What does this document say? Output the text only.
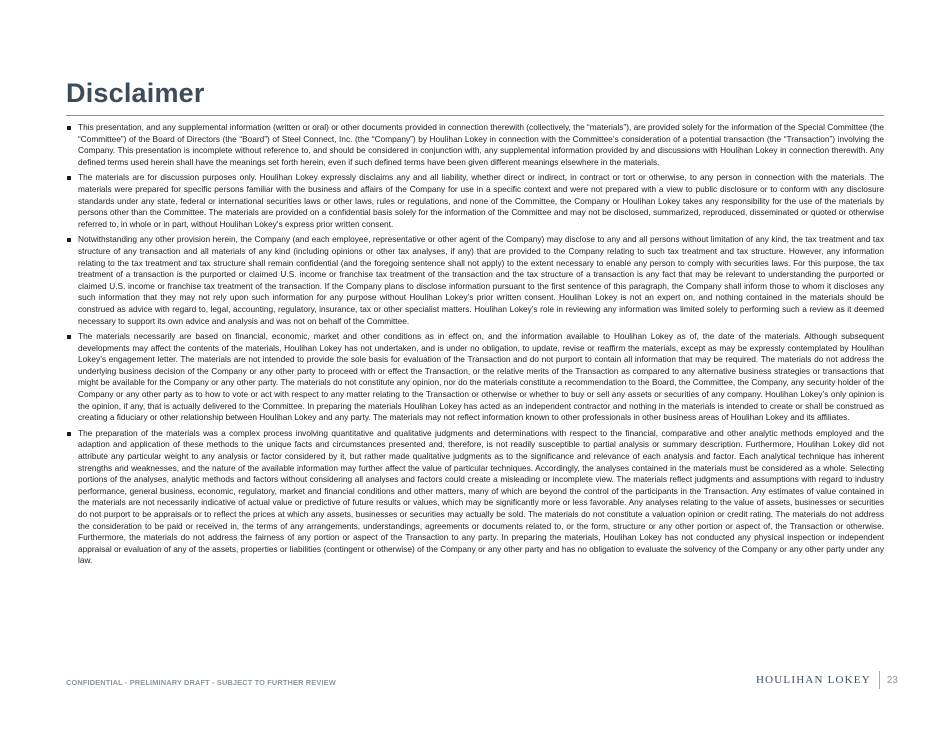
Disclaimer
This presentation, and any supplemental information (written or oral) or other documents provided in connection therewith (collectively, the “materials”), are provided solely for the information of the Special Committee (the “Committee”) of the Board of Directors (the “Board”) of Steel Connect, Inc. (the “Company”) by Houlihan Lokey in connection with the Committee’s consideration of a potential transaction (the “Transaction”) involving the Company. This presentation is incomplete without reference to, and should be considered in conjunction with, any supplemental information provided by and discussions with Houlihan Lokey in connection therewith. Any defined terms used herein shall have the meanings set forth herein, even if such defined terms have been given different meanings elsewhere in the materials.
The materials are for discussion purposes only. Houlihan Lokey expressly disclaims any and all liability, whether direct or indirect, in contract or tort or otherwise, to any person in connection with the materials. The materials were prepared for specific persons familiar with the business and affairs of the Company for use in a specific context and were not prepared with a view to public disclosure or to conform with any disclosure standards under any state, federal or international securities laws or other laws, rules or regulations, and none of the Committee, the Company or Houlihan Lokey takes any responsibility for the use of the materials by persons other than the Committee. The materials are provided on a confidential basis solely for the information of the Committee and may not be disclosed, summarized, reproduced, disseminated or quoted or otherwise referred to, in whole or in part, without Houlihan Lokey’s express prior written consent.
Notwithstanding any other provision herein, the Company (and each employee, representative or other agent of the Company) may disclose to any and all persons without limitation of any kind, the tax treatment and tax structure of any transaction and all materials of any kind (including opinions or other tax analyses, if any) that are provided to the Company relating to such tax treatment and tax structure. However, any information relating to the tax treatment and tax structure shall remain confidential (and the foregoing sentence shall not apply) to the extent necessary to enable any person to comply with securities laws. For this purpose, the tax treatment of a transaction is the purported or claimed U.S. income or franchise tax treatment of the transaction and the tax structure of a transaction is any fact that may be relevant to understanding the purported or claimed U.S. income or franchise tax treatment of the transaction. If the Company plans to disclose information pursuant to the first sentence of this paragraph, the Company shall inform those to whom it discloses any such information that they may not rely upon such information for any purpose without Houlihan Lokey’s prior written consent. Houlihan Lokey is not an expert on, and nothing contained in the materials should be construed as advice with regard to, legal, accounting, regulatory, insurance, tax or other specialist matters. Houlihan Lokey’s role in reviewing any information was limited solely to performing such a review as it deemed necessary to support its own advice and analysis and was not on behalf of the Committee.
The materials necessarily are based on financial, economic, market and other conditions as in effect on, and the information available to Houlihan Lokey as of, the date of the materials. Although subsequent developments may affect the contents of the materials, Houlihan Lokey has not undertaken, and is under no obligation, to update, revise or reaffirm the materials, except as may be expressly contemplated by Houlihan Lokey’s engagement letter. The materials are not intended to provide the sole basis for evaluation of the Transaction and do not purport to contain all information that may be required. The materials do not address the underlying business decision of the Company or any other party to proceed with or effect the Transaction, or the relative merits of the Transaction as compared to any alternative business strategies or transactions that might be available for the Company or any other party. The materials do not constitute any opinion, nor do the materials constitute a recommendation to the Board, the Committee, the Company, any security holder of the Company or any other party as to how to vote or act with respect to any matter relating to the Transaction or otherwise or whether to buy or sell any assets or securities of any company. Houlihan Lokey’s only opinion is the opinion, if any, that is actually delivered to the Committee. In preparing the materials Houlihan Lokey has acted as an independent contractor and nothing in the materials is intended to create or shall be construed as creating a fiduciary or other relationship between Houlihan Lokey and any party. The materials may not reflect information known to other professionals in other business areas of Houlihan Lokey and its affiliates.
The preparation of the materials was a complex process involving quantitative and qualitative judgments and determinations with respect to the financial, comparative and other analytic methods employed and the adaption and application of these methods to the unique facts and circumstances presented and, therefore, is not readily susceptible to partial analysis or summary description. Furthermore, Houlihan Lokey did not attribute any particular weight to any analysis or factor considered by it, but rather made qualitative judgments as to the significance and relevance of each analysis and factor. Each analytical technique has inherent strengths and weaknesses, and the nature of the available information may further affect the value of particular techniques. Accordingly, the analyses contained in the materials must be considered as a whole. Selecting portions of the analyses, analytic methods and factors without considering all analyses and factors could create a misleading or incomplete view. The materials reflect judgments and assumptions with regard to industry performance, general business, economic, regulatory, market and financial conditions and other matters, many of which are beyond the control of the participants in the Transaction. Any estimates of value contained in the materials are not necessarily indicative of actual value or predictive of future results or values, which may be significantly more or less favorable. Any analyses relating to the value of assets, businesses or securities do not purport to be appraisals or to reflect the prices at which any assets, businesses or securities may actually be sold. The materials do not constitute a valuation opinion or credit rating. The materials do not address the consideration to be paid or received in, the terms of any arrangements, understandings, agreements or documents related to, or the form, structure or any other portion or aspect of, the Transaction or otherwise. Furthermore, the materials do not address the fairness of any portion or aspect of the Transaction to any party. In preparing the materials, Houlihan Lokey has not conducted any physical inspection or independent appraisal or evaluation of any of the assets, properties or liabilities (contingent or otherwise) of the Company or any other party and has no obligation to evaluate the solvency of the Company or any other party under any law.
CONFIDENTIAL - PRELIMINARY DRAFT - SUBJECT TO FURTHER REVIEW	HOULIHAN LOKEY 23
